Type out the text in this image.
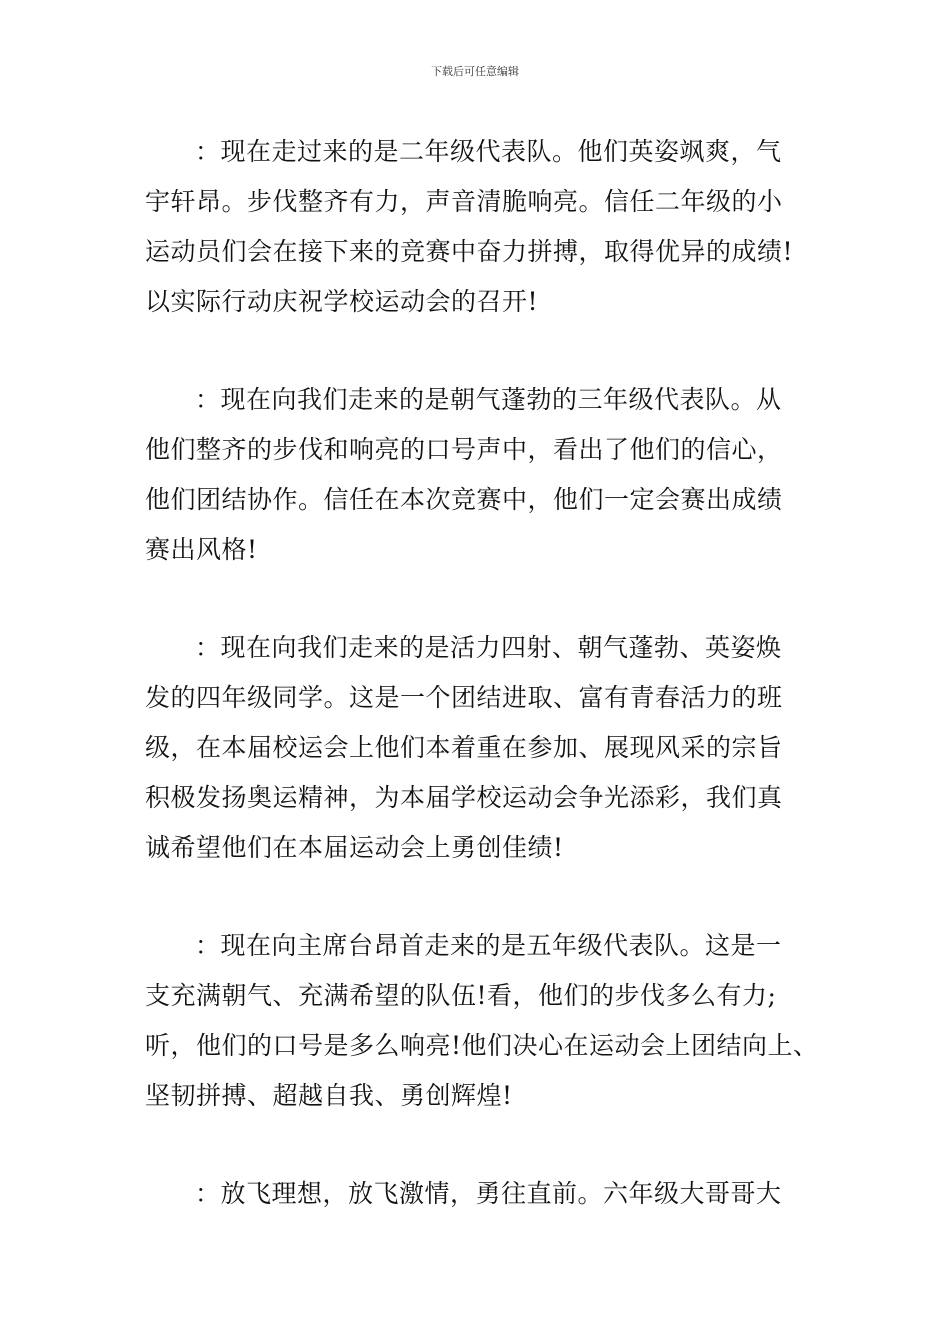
下载后可任意编辑
：现在走过来的是二年级代表队。他们英姿飒爽，气
宇轩昂。步伐整齐有力，声音清脆响亮。信任二年级的小
运动员们会在接下来的竞赛中奋力拼搏，取得优异的成绩!
以实际行动庆祝学校运动会的召开!
：现在向我们走来的是朝气蓬勃的三年级代表队。从
他们整齐的步伐和响亮的口号声中，看出了他们的信心，
他们团结协作。信任在本次竞赛中，他们一定会赛出成绩
赛出风格!
：现在向我们走来的是活力四射、朝气蓬勃、英姿焕
发的四年级同学。这是一个团结进取、富有青春活力的班
级，在本届校运会上他们本着重在参加、展现风采的宗旨
积极发扬奥运精神，为本届学校运动会争光添彩，我们真
诚希望他们在本届运动会上勇创佳绩!
：现在向主席台昂首走来的是五年级代表队。这是一
支充满朝气、充满希望的队伍!看，他们的步伐多么有力;
听，他们的口号是多么响亮!他们决心在运动会上团结向上、
坚韧拼搏、超越自我、勇创辉煌!
：放飞理想，放飞激情，勇往直前。六年级大哥哥大
